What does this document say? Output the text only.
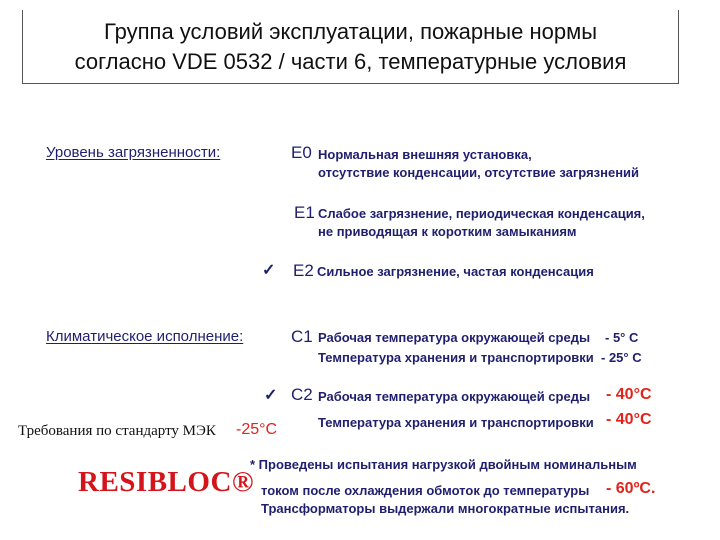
Группа условий эксплуатации, пожарные нормы
согласно VDE 0532 / части 6, температурные условия
Уровень загрязненности:	E0 Нормальная внешняя установка,
отсутствие конденсации, отсутствие загрязнений
E1 Слабое загрязнение, периодическая конденсация,
не приводящая к коротким замыканиям
✓ E2 Сильное загрязнение, частая конденсация
Климатическое исполнение:	C1 Рабочая температура окружающей среды - 5° C
Температура хранения и транспортировки - 25° C
✓ C2 Рабочая температура окружающей среды - 40°C
Температура хранения и транспортировки - 40°C
Требования по стандарту МЭК -25°C
RESIBLOC®
* Проведены испытания нагрузкой двойным номинальным
током после охлаждения обмоток до температуры - 60ºC.
Трансформаторы выдержали многократные испытания.
